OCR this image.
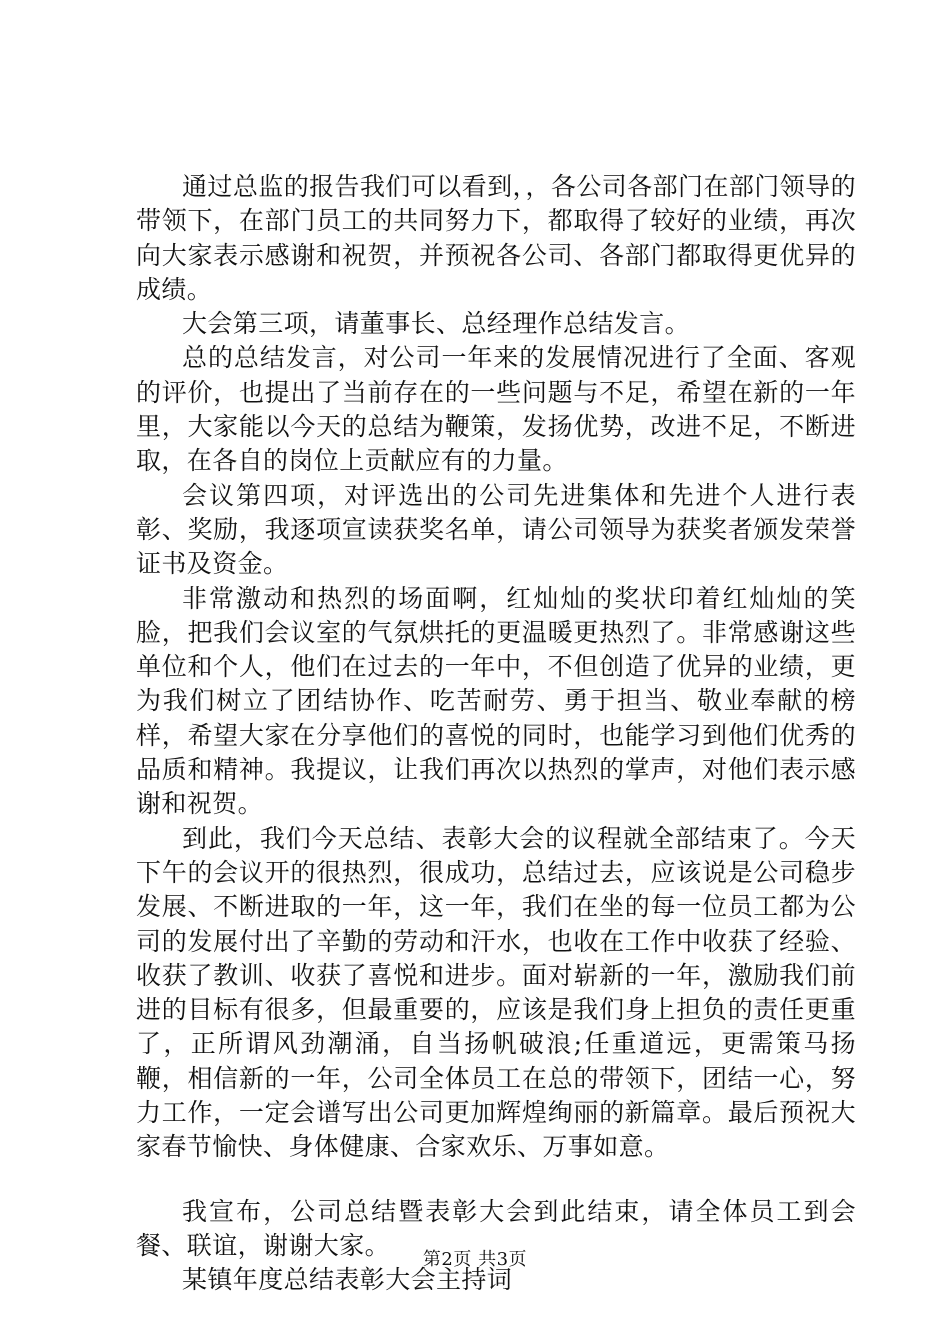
通过总监的报告我们可以看到，，各公司各部门在部门领导的带领下，在部门员工的共同努力下，都取得了较好的业绩，再次向大家表示感谢和祝贺，并预祝各公司、各部门都取得更优异的成绩。

大会第三项，请董事长、总经理作总结发言。

总的总结发言，对公司一年来的发展情况进行了全面、客观的评价，也提出了当前存在的一些问题与不足，希望在新的一年里，大家能以今天的总结为鞭策，发扬优势，改进不足，不断进取，在各自的岗位上贡献应有的力量。

会议第四项，对评选出的公司先进集体和先进个人进行表彰、奖励，我逐项宣读获奖名单，请公司领导为获奖者颁发荣誉证书及资金。

非常激动和热烈的场面啊，红灿灿的奖状印着红灿灿的笑脸，把我们会议室的气氛烘托的更温暖更热烈了。非常感谢这些单位和个人，他们在过去的一年中，不但创造了优异的业绩，更为我们树立了团结协作、吃苦耐劳、勇于担当、敬业奉献的榜样，希望大家在分享他们的喜悦的同时，也能学习到他们优秀的品质和精神。我提议，让我们再次以热烈的掌声，对他们表示感谢和祝贺。

到此，我们今天总结、表彰大会的议程就全部结束了。今天下午的会议开的很热烈，很成功，总结过去，应该说是公司稳步发展、不断进取的一年，这一年，我们在坐的每一位员工都为公司的发展付出了辛勤的劳动和汗水，也收在工作中收获了经验、收获了教训、收获了喜悦和进步。面对崭新的一年，激励我们前进的目标有很多，但最重要的，应该是我们身上担负的责任更重了，正所谓风劲潮涌，自当扬帆破浪;任重道远，更需策马扬鞭，相信新的一年，公司全体员工在总的带领下，团结一心，努力工作，一定会谱写出公司更加辉煌绚丽的新篇章。最后预祝大家春节愉快、身体健康、合家欢乐、万事如意。

我宣布，公司总结暨表彰大会到此结束，请全体员工到会餐、联谊，谢谢大家。

某镇年度总结表彰大会主持词

第2页 共3页
